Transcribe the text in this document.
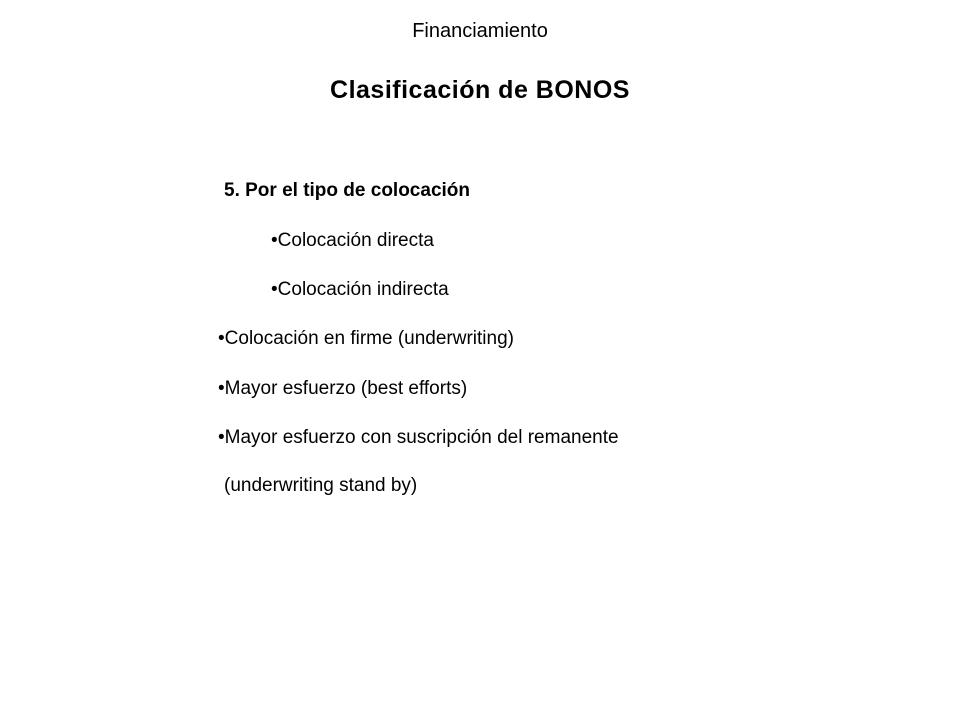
Financiamiento
Clasificación de BONOS
5. Por el tipo de colocación
•Colocación directa
•Colocación indirecta
•Colocación en firme (underwriting)
•Mayor esfuerzo (best efforts)
•Mayor esfuerzo con suscripción del remanente
(underwriting stand by)
